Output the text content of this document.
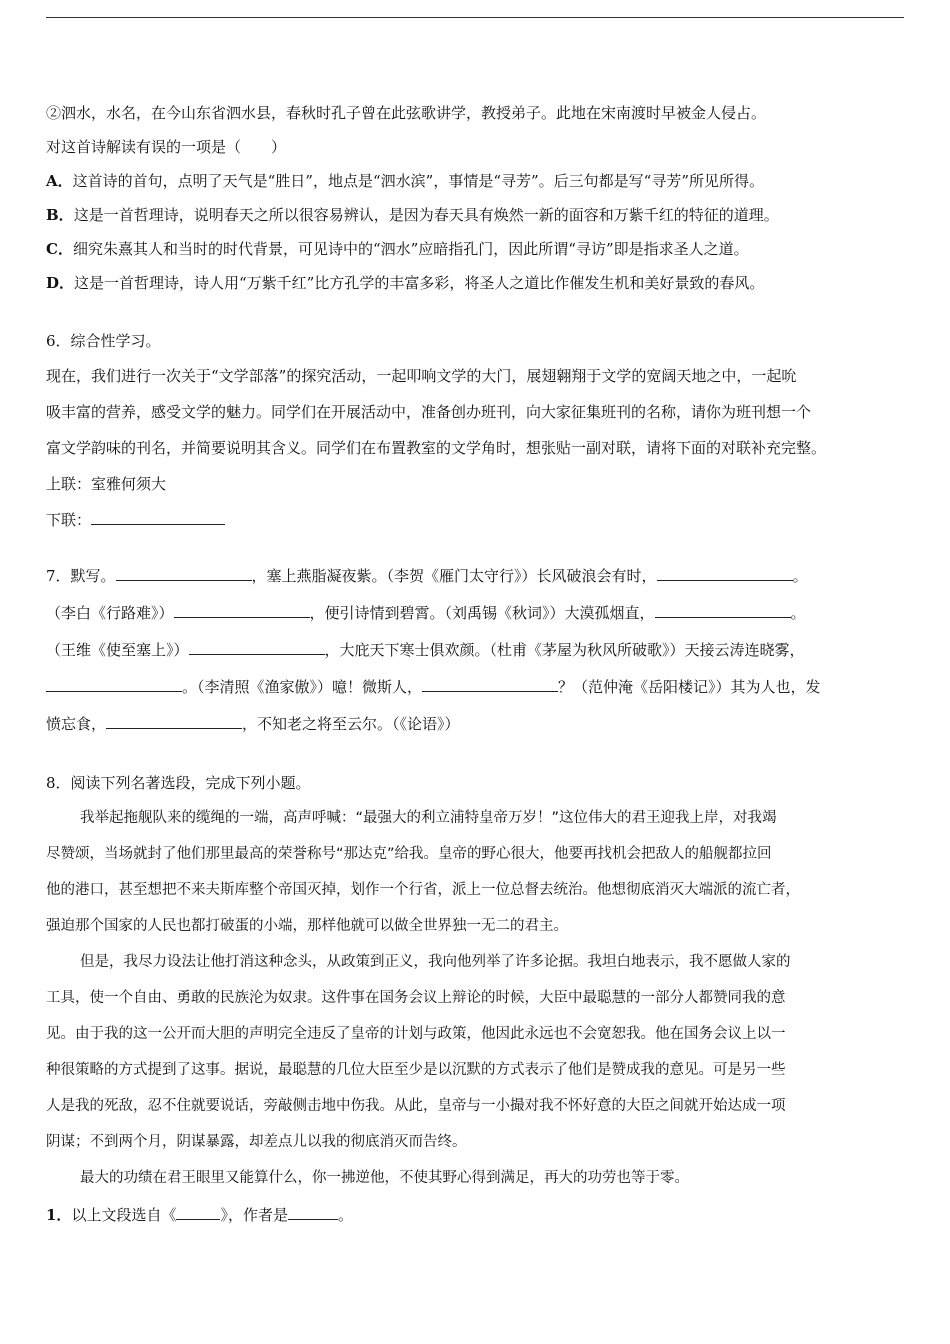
②泗水，水名，在今山东省泗水县，春秋时孔子曾在此弦歌讲学，教授弟子。此地在宋南渡时早被金人侵占。
对这首诗解读有误的一项是（　　）
A．这首诗的首句，点明了天气是“胜日”，地点是“泗水滨”，事情是“寻芳”。后三句都是写“寻芳”所见所得。
B．这是一首哲理诗，说明春天之所以很容易辨认，是因为春天具有焕然一新的面容和万紫千红的特征的道理。
C．细究朱熹其人和当时的时代背景，可见诗中的“泗水”应暗指孔门，因此所谓“寻访”即是指求圣人之道。
D．这是一首哲理诗，诗人用“万紫千红”比方孔学的丰富多彩，将圣人之道比作催发生机和美好景致的春风。
6．综合性学习。
现在，我们进行一次关于“文学部落”的探究活动，一起叩响文学的大门，展翅翱翔于文学的宽阔天地之中，一起吮
吸丰富的营养，感受文学的魅力。同学们在开展活动中，准备创办班刊，向大家征集班刊的名称，请你为班刊想一个
富文学韵味的刊名，并简要说明其含义。同学们在布置教室的文学角时，想张贴一副对联，请将下面的对联补充完整。
上联：室雅何须大
下联：
7．默写。	，塞上燕脂凝夜紫。（李贺《雁门太守行》）长风破浪会有时，	。
（李白《行路难》）	，便引诗情到碧霄。（刘禹锡《秋词》）大漠孤烟直，	。
（王维《使至塞上》）	，大庇天下寒士俱欢颜。（杜甫《茅屋为秋风所破歌》）天接云涛连晓雾，
。（李清照《渔家傲》）噫！微斯人，	？（范仲淹《岳阳楼记》）其为人也，发
愤忘食，	，不知老之将至云尔。（《论语》）
8．阅读下列名著选段，完成下列小题。
我举起拖舰队来的缆绳的一端，高声呼喊：“最强大的利立浦特皇帝万岁！”这位伟大的君王迎我上岸，对我竭
尽赞颂，当场就封了他们那里最高的荣誉称号“那达克”给我。皇帝的野心很大，他要再找机会把敌人的船舰都拉回
他的港口，甚至想把不来夫斯库整个帝国灭掉，划作一个行省，派上一位总督去统治。他想彻底消灭大端派的流亡者，
强迫那个国家的人民也都打破蛋的小端，那样他就可以做全世界独一无二的君主。
但是，我尽力设法让他打消这种念头，从政策到正义，我向他列举了许多论据。我坦白地表示，我不愿做人家的
工具，使一个自由、勇敢的民族沦为奴隶。这件事在国务会议上辩论的时候，大臣中最聪慧的一部分人都赞同我的意
见。由于我的这一公开而大胆的声明完全违反了皇帝的计划与政策，他因此永远也不会宽恕我。他在国务会议上以一
种很策略的方式提到了这事。据说，最聪慧的几位大臣至少是以沉默的方式表示了他们是赞成我的意见。可是另一些
人是我的死敌，忍不住就要说话，旁敲侧击地中伤我。从此，皇帝与一小撮对我不怀好意的大臣之间就开始达成一项
阴谋；不到两个月，阴谋暴露，却差点儿以我的彻底消灭而告终。
最大的功绩在君王眼里又能算什么，你一拂逆他，不使其野心得到满足，再大的功劳也等于零。
1．以上文段选自《	》，作者是	。
